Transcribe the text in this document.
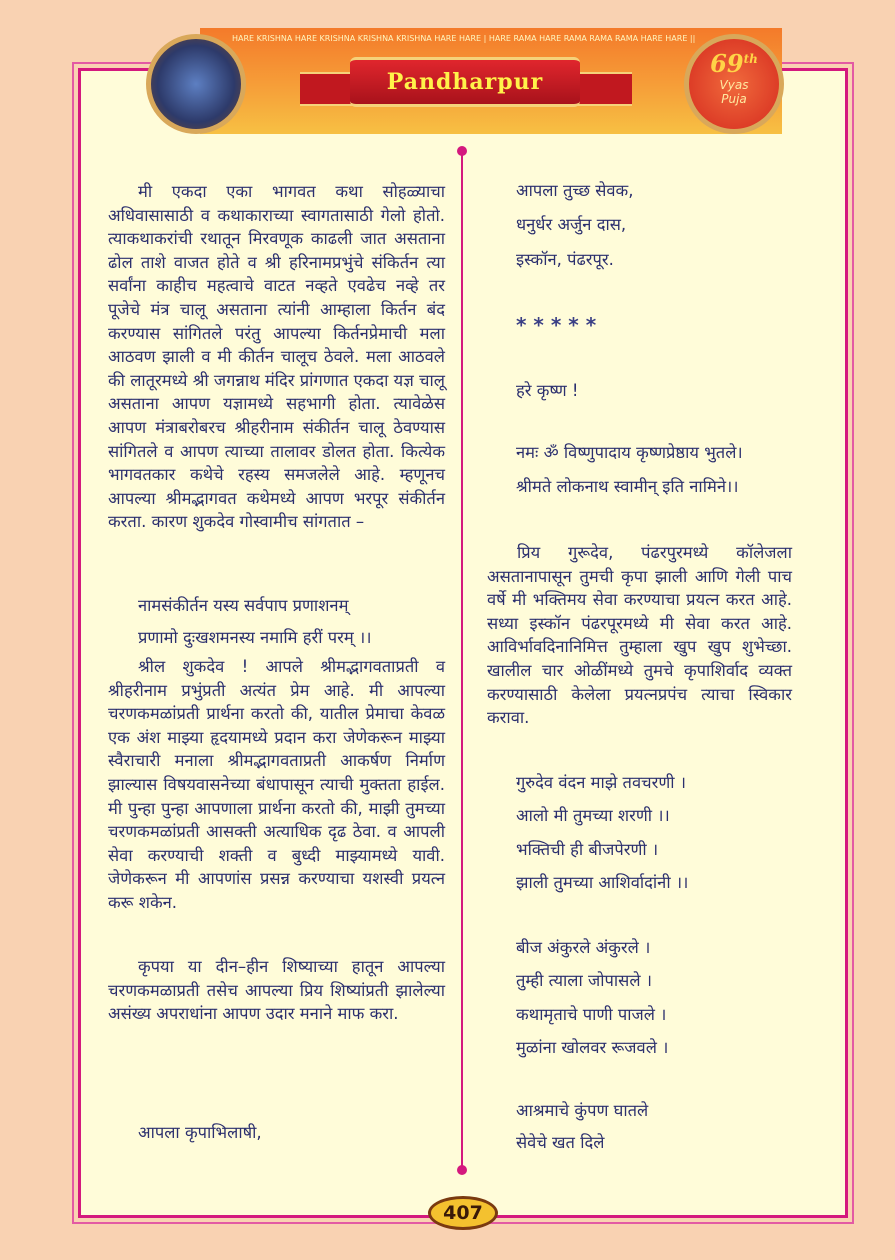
HARE KRISHNA HARE KRISHNA KRISHNA KRISHNA HARE HARE | HARE RAMA HARE RAMA RAMA RAMA HARE HARE ||
Pandharpur
69th
Vyas
Puja

मी एकदा एका भागवत कथा सोहळ्याचा अधिवासासाठी व कथाकाराच्या स्वागतासाठी गेलो होतो. त्याकथाकरांची रथातून मिरवणूक काढली जात असताना ढोल ताशे वाजत होते व श्री हरिनामप्रभुंचे संकिर्तन त्या सर्वांना काहीच महत्वाचे वाटत नव्हते एवढेच नव्हे तर पूजेचे मंत्र चालू असताना त्यांनी आम्हाला किर्तन बंद करण्यास सांगितले परंतु आपल्या किर्तनप्रेमाची मला आठवण झाली व मी कीर्तन चालूच ठेवले. मला आठवले की लातूरमध्ये श्री जगन्नाथ मंदिर प्रांगणात एकदा यज्ञ चालू असताना आपण यज्ञामध्ये सहभागी होता. त्यावेळेस आपण मंत्राबरोबरच श्रीहरीनाम संकीर्तन चालू ठेवण्यास सांगितले व आपण त्याच्या तालावर डोलत होता. कित्येक भागवतकार कथेचे रहस्य समजलेले आहे. म्हणूनच आपल्या श्रीमद्भागवत कथेमध्ये आपण भरपूर संकीर्तन करता. कारण शुकदेव गोस्वामीच सांगतात –

नामसंकीर्तन यस्य सर्वपाप प्रणाशनम्
प्रणामो दुःखशमनस्य नमामि हरीं परम् ।।

श्रील शुकदेव ! आपले श्रीमद्भागवताप्रती व श्रीहरीनाम प्रभुंप्रती अत्यंत प्रेम आहे. मी आपल्या चरणकमळांप्रती प्रार्थना करतो की, यातील प्रेमाचा केवळ एक अंश माझ्या हृदयामध्ये प्रदान करा जेणेकरून माझ्या स्वैराचारी मनाला श्रीमद्भागवताप्रती आकर्षण निर्माण झाल्यास विषयवासनेच्या बंधापासून त्याची मुक्तता हाईल. मी पुन्हा पुन्हा आपणाला प्रार्थना करतो की, माझी तुमच्या चरणकमळांप्रती आसक्ती अत्याधिक दृढ ठेवा. व आपली सेवा करण्याची शक्ती व बुध्दी माझ्यामध्ये यावी. जेणेकरून मी आपणांस प्रसन्न करण्याचा यशस्वी प्रयत्न करू शकेन.

कृपया या दीन–हीन शिष्याच्या हातून आपल्या चरणकमळाप्रती तसेच आपल्या प्रिय शिष्यांप्रती झालेल्या असंख्य अपराधांना आपण उदार मनाने माफ करा.

आपला कृपाभिलाषी,
आपला तुच्छ सेवक,
धनुर्धर अर्जुन दास,
इस्कॉन, पंढरपूर.
* * * * *
हरे कृष्ण !
नमः ॐ विष्णुपादाय कृष्णप्रेष्ठाय भुतले।
श्रीमते लोकनाथ स्वामीन् इति नामिने।।

प्रिय गुरूदेव, पंढरपुरमध्ये कॉलेजला असतानापासून तुमची कृपा झाली आणि गेली पाच वर्षे मी भक्तिमय सेवा करण्याचा प्रयत्न करत आहे. सध्या इस्कॉन पंढरपूरमध्ये मी सेवा करत आहे. आविर्भावदिनानिमित्त तुम्हाला खुप खुप शुभेच्छा. खालील चार ओळींमध्ये तुमचे कृपाशिर्वाद व्यक्त करण्यासाठी केलेला प्रयत्नप्रपंच त्याचा स्विकार करावा.

गुरुदेव वंदन माझे तवचरणी ।
आलो मी तुमच्या शरणी ।।
भक्तिची ही बीजपेरणी ।
झाली तुमच्या आशिर्वादांनी ।।
बीज अंकुरले अंकुरले ।
तुम्ही त्याला जोपासले ।
कथामृताचे पाणी पाजले ।
मुळांना खोलवर रूजवले ।
आश्रमाचे कुंपण घातले
सेवेचे खत दिले
407
